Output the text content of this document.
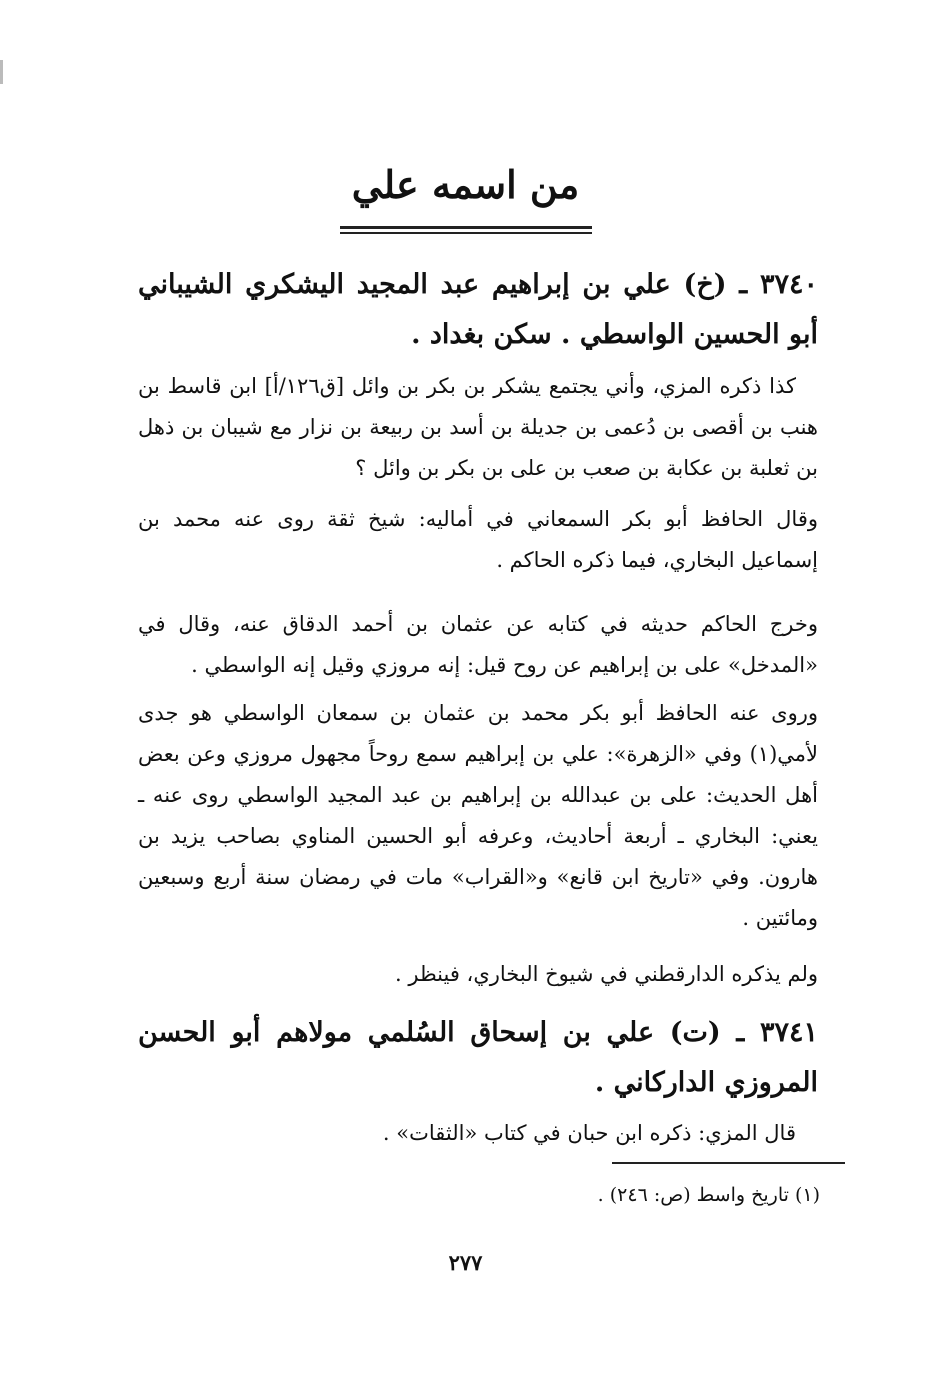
من اسمه علي
٣٧٤٠ ـ (خ) علي بن إبراهيم عبد المجيد اليشكري الشيباني أبو الحسين الواسطي . سكن بغداد .
كذا ذكره المزي، وأني يجتمع يشكر بن بكر بن وائل [ق١٢٦/أ] ابن قاسط بن هنب بن أقصى بن دُعمى بن جديلة بن أسد بن ربيعة بن نزار مع شيبان بن ذهل بن ثعلبة بن عكابة بن صعب بن على بن بكر بن وائل ؟
وقال الحافظ أبو بكر السمعاني في أماليه: شيخ ثقة روى عنه محمد بن إسماعيل البخاري، فيما ذكره الحاكم .
وخرج الحاكم حديثه في كتابه عن عثمان بن أحمد الدقاق عنه، وقال في «المدخل» على بن إبراهيم عن روح قيل: إنه مروزي وقيل إنه الواسطي .
وروى عنه الحافظ أبو بكر محمد بن عثمان بن سمعان الواسطي هو جدى لأمي(١) وفي «الزهرة»: علي بن إبراهيم سمع روحاً مجهول مروزي وعن بعض أهل الحديث: على بن عبدالله بن إبراهيم بن عبد المجيد الواسطي روى عنه ـ يعني: البخاري ـ أربعة أحاديث، وعرفه أبو الحسين المناوي بصاحب يزيد بن هارون. وفي «تاريخ ابن قانع» و«القراب» مات في رمضان سنة أربع وسبعين ومائتين .
ولم يذكره الدارقطني في شيوخ البخاري، فينظر .
٣٧٤١ ـ (ت) علي بن إسحاق السُلمي مولاهم أبو الحسن المروزي الداركاني .
قال المزي: ذكره ابن حبان في كتاب «الثقات» .
(١) تاريخ واسط (ص: ٢٤٦) .
٢٧٧
